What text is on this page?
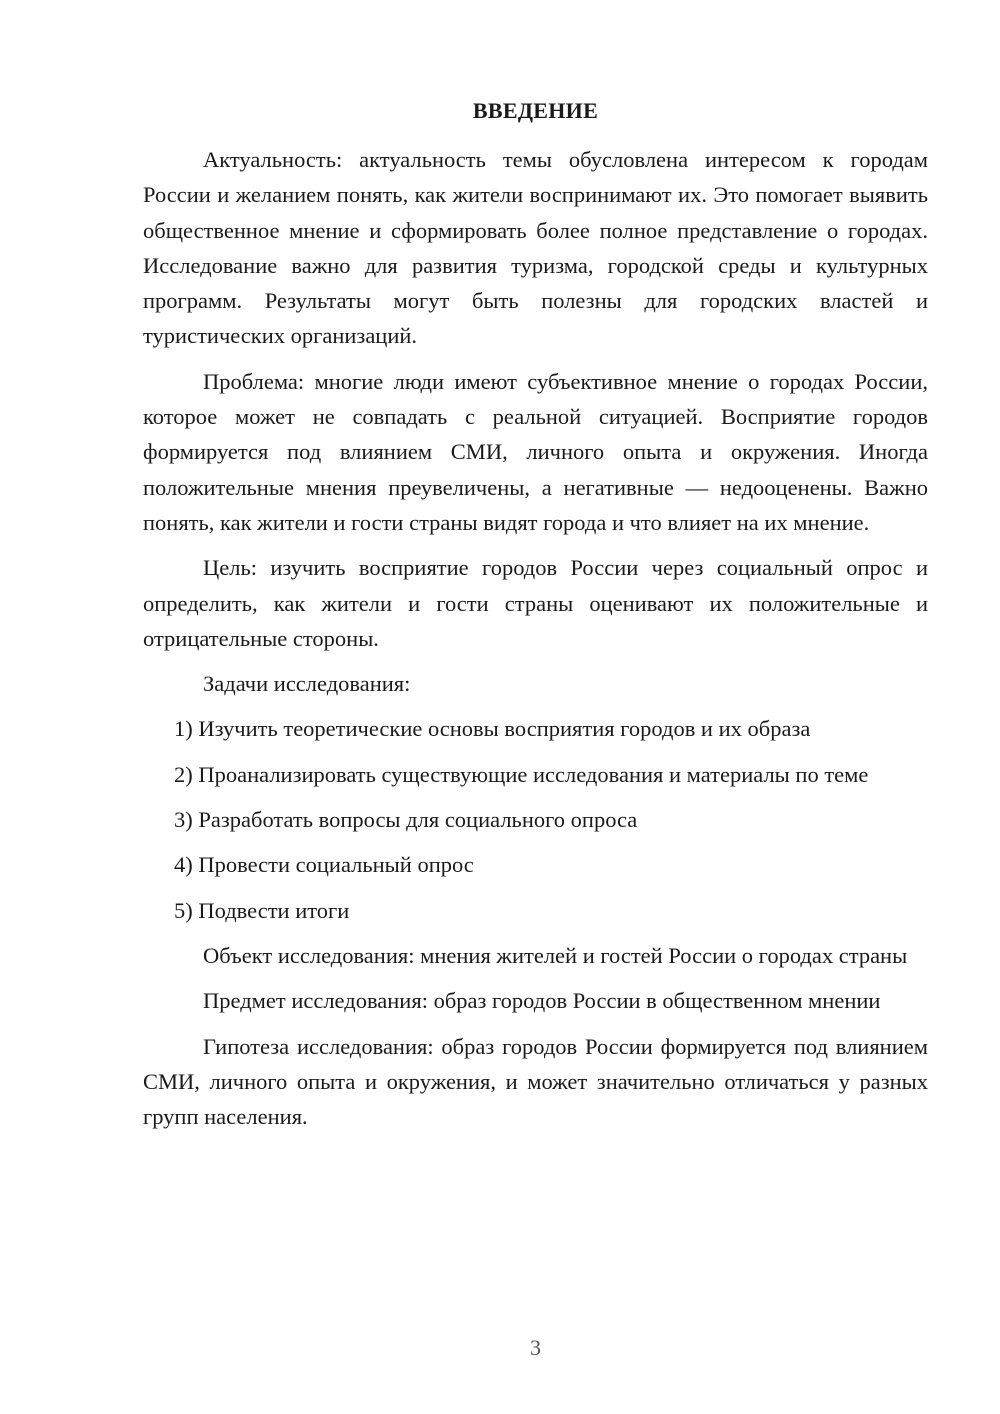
ВВЕДЕНИЕ

Актуальность: актуальность темы обусловлена интересом к городам России и желанием понять, как жители воспринимают их. Это помогает выявить общественное мнение и сформировать более полное представление о городах. Исследование важно для развития туризма, городской среды и культурных программ. Результаты могут быть полезны для городских властей и туристических организаций.

Проблема: многие люди имеют субъективное мнение о городах России, которое может не совпадать с реальной ситуацией. Восприятие городов формируется под влиянием СМИ, личного опыта и окружения. Иногда положительные мнения преувеличены, а негативные — недооценены. Важно понять, как жители и гости страны видят города и что влияет на их мнение.

Цель: изучить восприятие городов России через социальный опрос и определить, как жители и гости страны оценивают их положительные и отрицательные стороны.

Задачи исследования:

1) Изучить теоретические основы восприятия городов и их образа

2) Проанализировать существующие исследования и материалы по теме

3) Разработать вопросы для социального опроса

4) Провести социальный опрос

5) Подвести итоги

Объект исследования: мнения жителей и гостей России о городах страны

Предмет исследования: образ городов России в общественном мнении

Гипотеза исследования: образ городов России формируется под влиянием СМИ, личного опыта и окружения, и может значительно отличаться у разных групп населения.

3
